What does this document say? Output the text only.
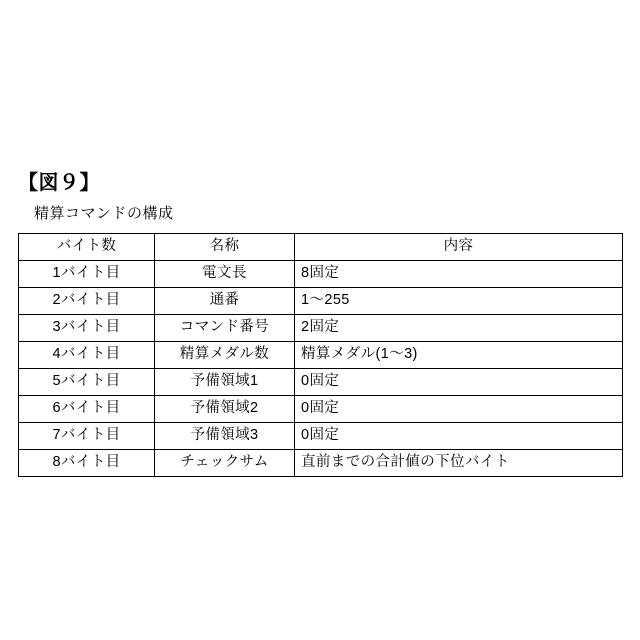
【図９】
精算コマンドの構成
バイト数	名称	内容
1バイト目	電文長	8固定
2バイト目	通番	1〜255
3バイト目	コマンド番号	2固定
4バイト目	精算メダル数	精算メダル(1〜3)
5バイト目	予備領域1	0固定
6バイト目	予備領域2	0固定
7バイト目	予備領域3	0固定
8バイト目	チェックサム	直前までの合計値の下位バイト
